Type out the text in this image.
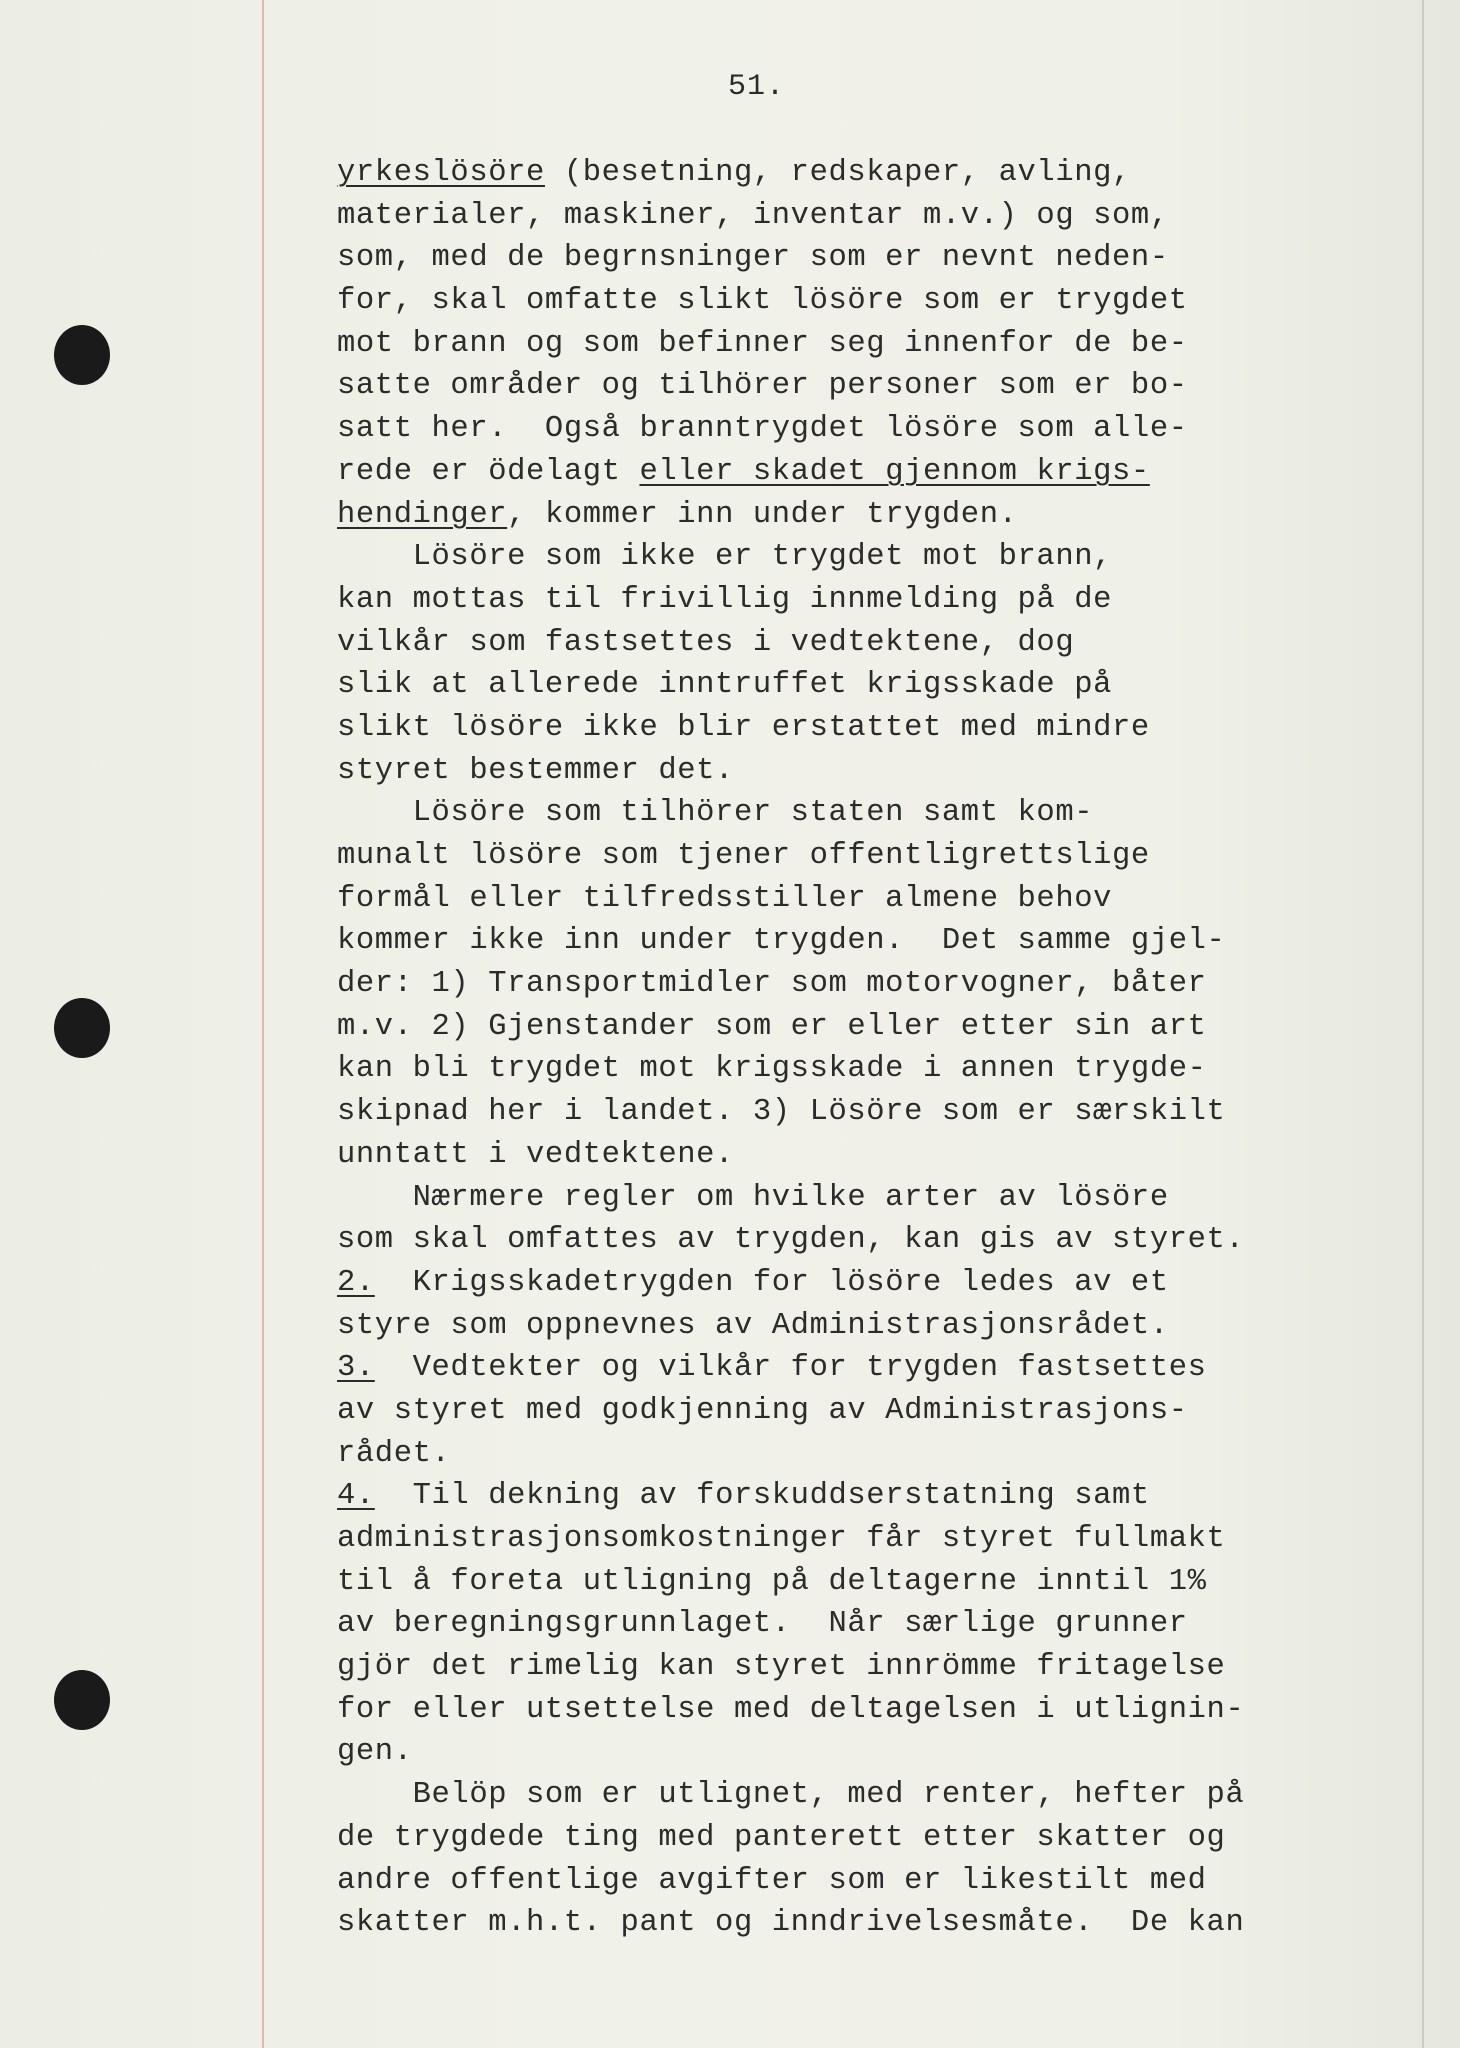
51.
yrkeslösöre (besetning, redskaper, avling,
materialer, maskiner, inventar m.v.) og som,
som, med de begrnsninger som er nevnt neden-
for, skal omfatte slikt lösöre som er trygdet
mot brann og som befinner seg innenfor de be-
satte områder og tilhörer personer som er bo-
satt her.  Også branntrygdet lösöre som alle-
rede er ödelagt eller skadet gjennom krigs-
hendinger, kommer inn under trygden.
Lösöre som ikke er trygdet mot brann,
kan mottas til frivillig innmelding på de
vilkår som fastsettes i vedtektene, dog
slik at allerede inntruffet krigsskade på
slikt lösöre ikke blir erstattet med mindre
styret bestemmer det.
Lösöre som tilhörer staten samt kom-
munalt lösöre som tjener offentligrettslige
formål eller tilfredsstiller almene behov
kommer ikke inn under trygden.  Det samme gjel-
der: 1) Transportmidler som motorvogner, båter
m.v. 2) Gjenstander som er eller etter sin art
kan bli trygdet mot krigsskade i annen trygde-
skipnad her i landet. 3) Lösöre som er særskilt
unntatt i vedtektene.
Nærmere regler om hvilke arter av lösöre
som skal omfattes av trygden, kan gis av styret.
2.  Krigsskadetrygden for lösöre ledes av et
styre som oppnevnes av Administrasjonsrådet.
3.  Vedtekter og vilkår for trygden fastsettes
av styret med godkjenning av Administrasjons-
rådet.
4.  Til dekning av forskuddserstatning samt
administrasjonsomkostninger får styret fullmakt
til å foreta utligning på deltagerne inntil 1%
av beregningsgrunnlaget.  Når særlige grunner
gjör det rimelig kan styret innrömme fritagelse
for eller utsettelse med deltagelsen i utlignin-
gen.
Belöp som er utlignet, med renter, hefter på
de trygdede ting med panterett etter skatter og
andre offentlige avgifter som er likestilt med
skatter m.h.t. pant og inndrivelsesmåte.  De kan
